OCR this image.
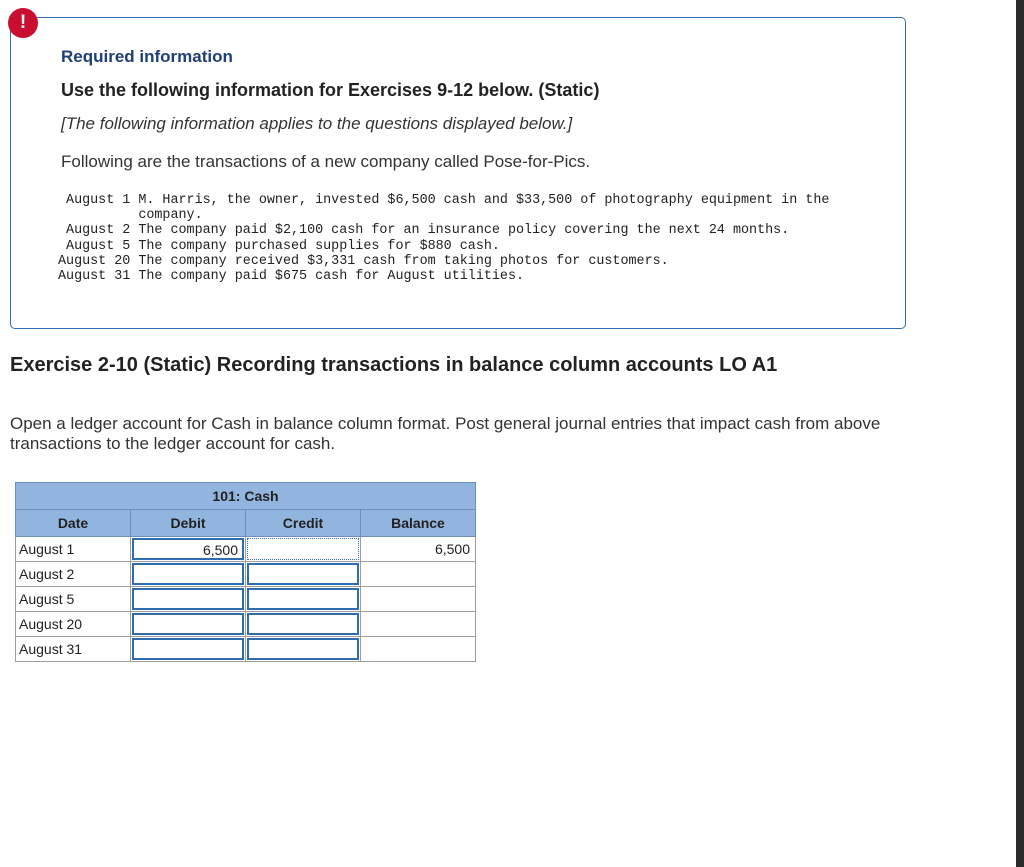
!
Required information
Use the following information for Exercises 9-12 below. (Static)
[The following information applies to the questions displayed below.]
Following are the transactions of a new company called Pose-for-Pics.
August 1	M. Harris, the owner, invested $6,500 cash and $33,500 of photography equipment in the company.
August 2	The company paid $2,100 cash for an insurance policy covering the next 24 months.
August 5	The company purchased supplies for $880 cash.
August 20	The company received $3,331 cash from taking photos for customers.
August 31	The company paid $675 cash for August utilities.
Exercise 2-10 (Static) Recording transactions in balance column accounts LO A1
Open a ledger account for Cash in balance column format. Post general journal entries that impact cash from above transactions to the ledger account for cash.
101: Cash			
Date	Debit	Credit	Balance

August 1	6,500		6,500

August 2			

August 5			

August 20			

August 31			
